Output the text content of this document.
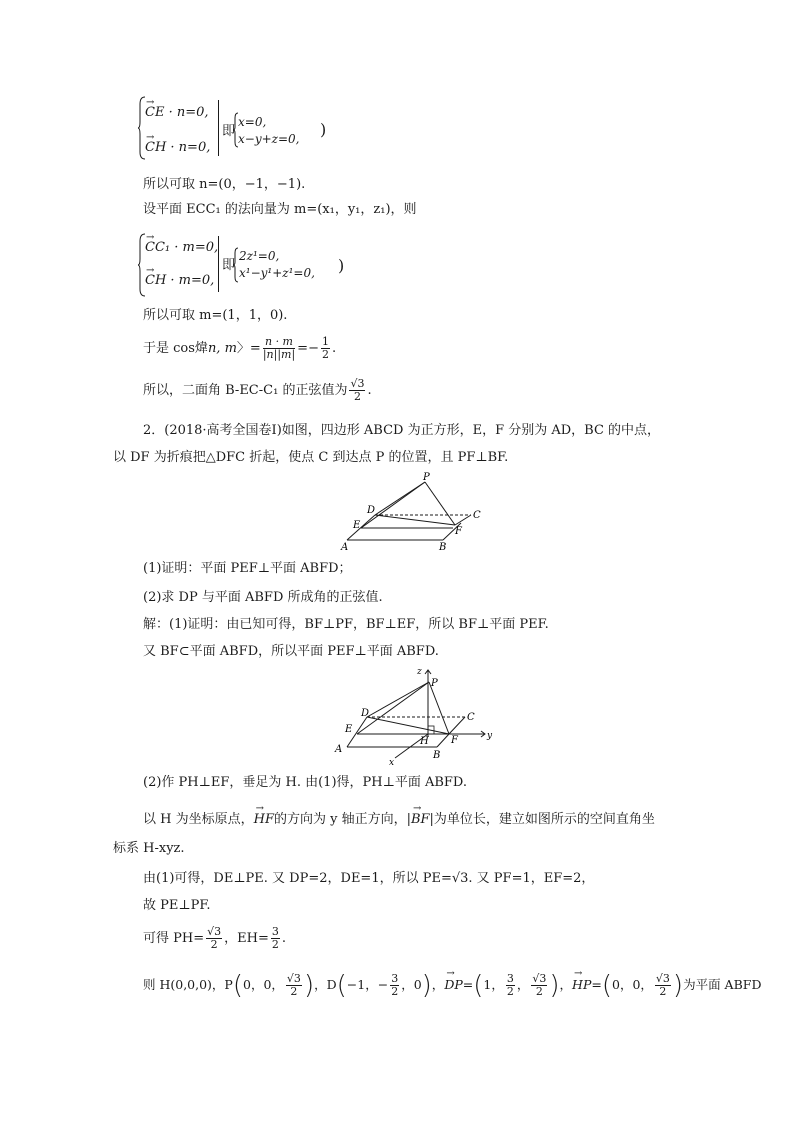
→
CE · n=0,
→
CH · n=0,
即
x=0,
x−y+z=0, )
所以可取 n=(0，−1，−1).
设平面 ECC₁ 的法向量为 m=(x₁，y₁，z₁)，则
→
CC₁ · m=0,
→
CH · m=0,
即
2z¹=0,
x¹−y¹+z¹=0, )
所以可取 m=(1，1，0).
于是 cos煒n, m〉= $\frac{n \cdot m}{|n||m|} =- \frac{1}{2}$ .
所以，二面角 B-EC-C₁ 的正弦值为 $\frac{√3}{2}$ .
2．(2018·高考全国卷Ⅰ)如图，四边形 ABCD 为正方形，E，F 分别为 AD，BC 的中点，
以 DF 为折痕把△DFC 折起，使点 C 到达点 P 的位置，且 PF⊥BF.
P
D	C
E
F
A	B
(1)证明：平面 PEF⊥平面 ABFD；
(2)求 DP 与平面 ABFD 所成角的正弦值.
解：(1)证明：由已知可得，BF⊥PF，BF⊥EF，所以 BF⊥平面 PEF.
又 BF⊂平面 ABFD，所以平面 PEF⊥平面 ABFD.
z
P
D	C
E
H F	y
A
B
x
(2)作 PH⊥EF，垂足为 H. 由(1)得，PH⊥平面 ABFD.
以 H 为坐标原点，→ HF的方向为 y 轴正方向，|→ BF|为单位长，建立如图所示的空间直角坐
标系 H-xyz.
由(1)可得，DE⊥PE. 又 DP=2，DE=1，所以 PE=√3. 又 PF=1，EF=2，
故 PE⊥PF.
可得 $PH= \frac{√3}{2}$ ，$EH= \frac{3}{2}$ .
则 H(0,0,0)，P(0，0， $\frac{√3}{2}$ )，D(−1，− $\frac{3}{2}$ ，0)，→ DP=(1， $\frac{3}{2}$ ， $\frac{√3}{2}$ )，→ HP=(0，0， $\frac{√3}{2}$ )为平面 ABFD
